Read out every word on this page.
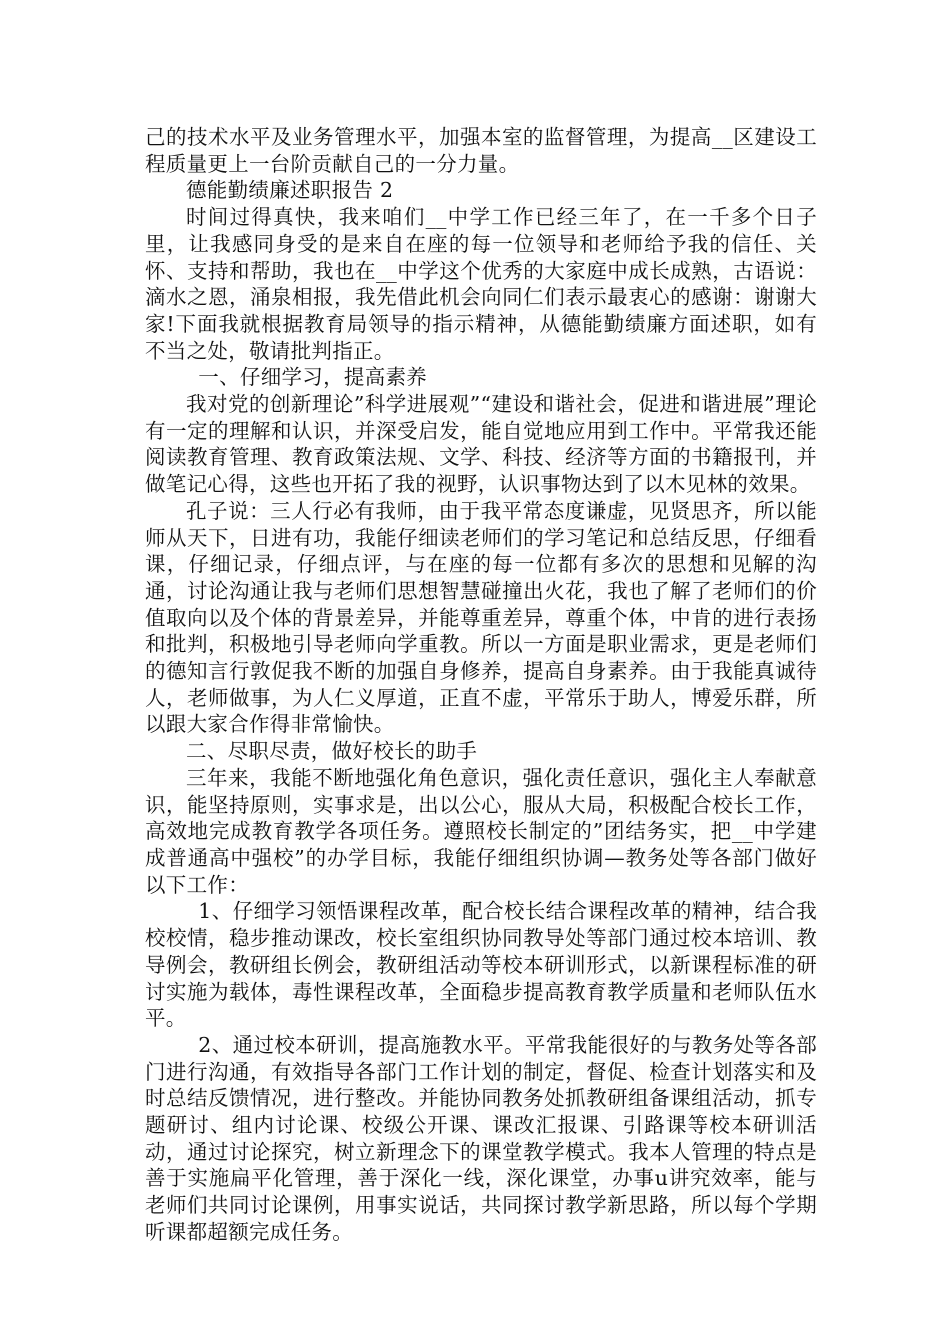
己的技术水平及业务管理水平，加强本室的监督管理，为提高__区建设工程质量更上一台阶贡献自己的一分力量。

德能勤绩廉述职报告 2

时间过得真快，我来咱们__中学工作已经三年了，在一千多个日子里，让我感同身受的是来自在座的每一位领导和老师给予我的信任、关怀、支持和帮助，我也在__中学这个优秀的大家庭中成长成熟，古语说：滴水之恩，涌泉相报，我先借此机会向同仁们表示最衷心的感谢：谢谢大家!下面我就根据教育局领导的指示精神，从德能勤绩廉方面述职，如有不当之处，敬请批判指正。

一、仔细学习，提高素养

我对党的创新理论”科学进展观”“建设和谐社会，促进和谐进展”理论有一定的理解和认识，并深受启发，能自觉地应用到工作中。平常我还能阅读教育管理、教育政策法规、文学、科技、经济等方面的书籍报刊，并做笔记心得，这些也开拓了我的视野，认识事物达到了以木见林的效果。

孔子说：三人行必有我师，由于我平常态度谦虚，见贤思齐，所以能师从天下，日进有功，我能仔细读老师们的学习笔记和总结反思，仔细看课，仔细记录，仔细点评，与在座的每一位都有多次的思想和见解的沟通，讨论沟通让我与老师们思想智慧碰撞出火花，我也了解了老师们的价值取向以及个体的背景差异，并能尊重差异，尊重个体，中肯的进行表扬和批判，积极地引导老师向学重教。所以一方面是职业需求，更是老师们的德知言行敦促我不断的加强自身修养，提高自身素养。由于我能真诚待人，老师做事，为人仁义厚道，正直不虚，平常乐于助人，博爱乐群，所以跟大家合作得非常愉快。

二、尽职尽责，做好校长的助手

三年来，我能不断地强化角色意识，强化责任意识，强化主人奉献意识，能坚持原则，实事求是，出以公心，服从大局，积极配合校长工作，高效地完成教育教学各项任务。遵照校长制定的”团结务实，把__中学建成普通高中强校”的办学目标，我能仔细组织协调—教务处等各部门做好以下工作：

1、仔细学习领悟课程改革，配合校长结合课程改革的精神，结合我校校情，稳步推动课改，校长室组织协同教导处等部门通过校本培训、教导例会，教研组长例会，教研组活动等校本研训形式，以新课程标准的研讨实施为载体，毒性课程改革，全面稳步提高教育教学质量和老师队伍水平。

2、通过校本研训，提高施教水平。平常我能很好的与教务处等各部门进行沟通，有效指导各部门工作计划的制定，督促、检查计划落实和及时总结反馈情况，进行整改。并能协同教务处抓教研组备课组活动，抓专题研讨、组内讨论课、校级公开课、课改汇报课、引路课等校本研训活动，通过讨论探究，树立新理念下的课堂教学模式。我本人管理的特点是善于实施扁平化管理，善于深化一线，深化课堂，办事u讲究效率，能与老师们共同讨论课例，用事实说话，共同探讨教学新思路，所以每个学期听课都超额完成任务。
